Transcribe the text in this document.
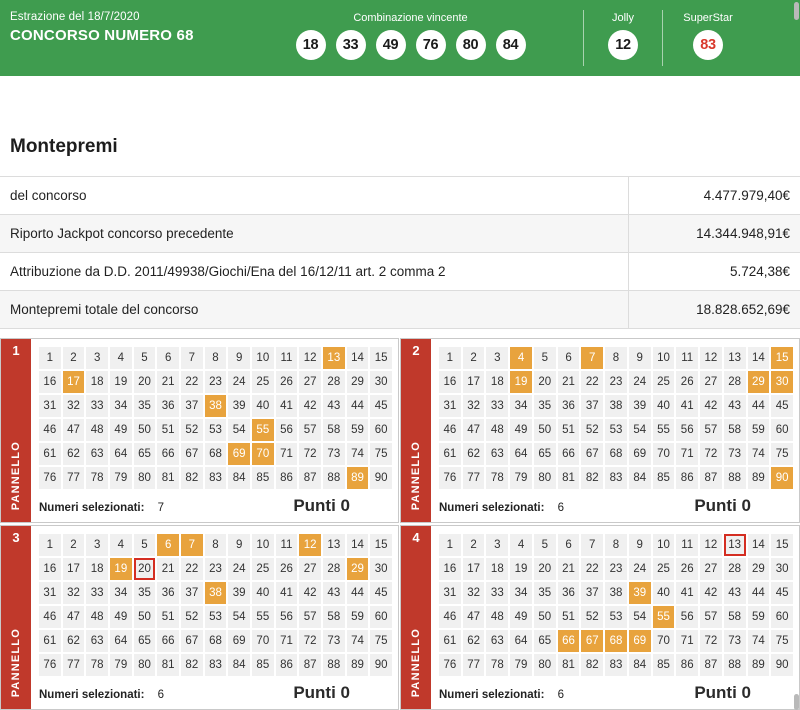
Estrazione del 18/7/2020
CONCORSO NUMERO 68
Combinazione vincente
18	33	49	76	80	84
Jolly
12
SuperStar
83
Montepremi
del concorso	4.477.979,40€
Riporto Jackpot concorso precedente	14.344.948,91€
Attribuzione da D.D. 2011/49938/Giochi/Ena del 16/12/11 art. 2 comma 2	5.724,38€
Montepremi totale del concorso	18.828.652,69€
1
PANNELLO
1	2	3	4	5	6	7	8	9	10 11 12 13 14 15
16 17 18 19 20 21 22 23 24 25 26 27 28 29 30
31 32 33 34 35 36 37 38 39 40 41 42 43 44 45
46 47 48 49 50 51 52 53 54 55 56 57 58 59 60
61 62 63 64 65 66 67 68 69 70 71 72 73 74 75
76 77 78 79 80 81 82 83 84 85 86 87 88 89 90
Numeri selezionati: 7	Punti 0
2
PANNELLO
1	2	3	4	5	6	7	8	9	10 11 12 13 14 15
16 17 18 19 20 21 22 23 24 25 26 27 28 29 30
31 32 33 34 35 36 37 38 39 40 41 42 43 44 45
46 47 48 49 50 51 52 53 54 55 56 57 58 59 60
61 62 63 64 65 66 67 68 69 70 71 72 73 74 75
76 77 78 79 80 81 82 83 84 85 86 87 88 89 90
Numeri selezionati: 6	Punti 0
3
PANNELLO
1	2	3	4	5	6	7	8	9	10 11 12 13 14 15
16 17 18 19 20 21 22 23 24 25 26 27 28 29 30
31 32 33 34 35 36 37 38 39 40 41 42 43 44 45
46 47 48 49 50 51 52 53 54 55 56 57 58 59 60
61 62 63 64 65 66 67 68 69 70 71 72 73 74 75
76 77 78 79 80 81 82 83 84 85 86 87 88 89 90
Numeri selezionati: 6	Punti 0
4
PANNELLO
1	2	3	4	5	6	7	8	9	10 11 12 13 14 15
16 17 18 19 20 21 22 23 24 25 26 27 28 29 30
31 32 33 34 35 36 37 38 39 40 41 42 43 44 45
46 47 48 49 50 51 52 53 54 55 56 57 58 59 60
61 62 63 64 65 66 67 68 69 70 71 72 73 74 75
76 77 78 79 80 81 82 83 84 85 86 87 88 89 90
Numeri selezionati: 6	Punti 0
